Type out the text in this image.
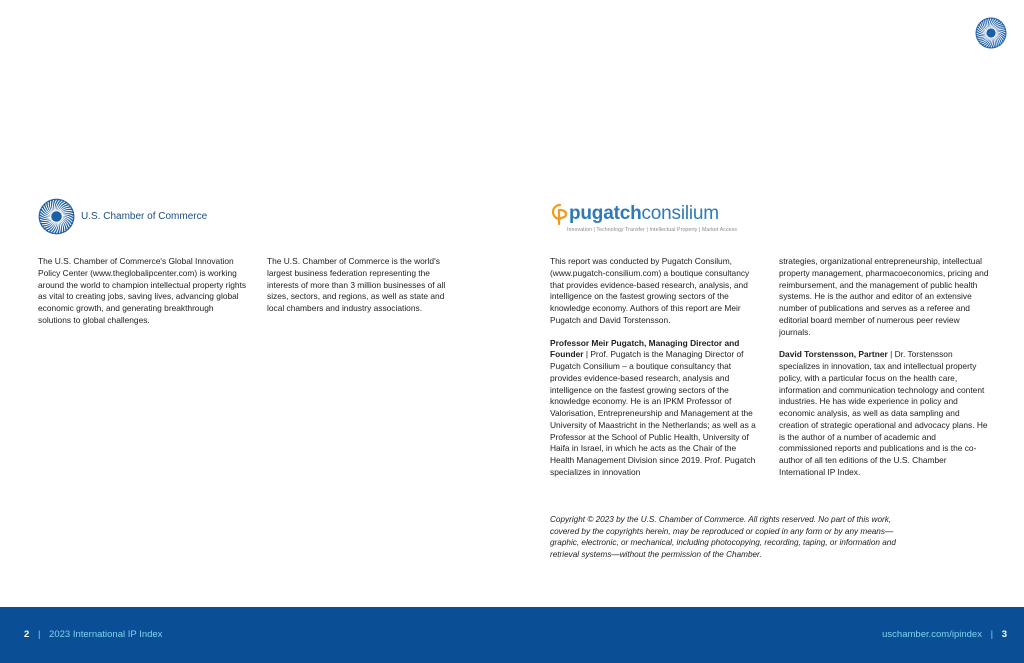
U.S. Chamber of Commerce

The U.S. Chamber of Commerce's Global Innovation Policy Center (www.theglobalipcenter.com) is working around the world to champion intellectual property rights as vital to creating jobs, saving lives, advancing global economic growth, and generating breakthrough solutions to global challenges.

The U.S. Chamber of Commerce is the world's largest business federation representing the interests of more than 3 million businesses of all sizes, sectors, and regions, as well as state and local chambers and industry associations.

pugatchconsilium
Innovation | Technology Transfer | Intellectual Property | Market Access

This report was conducted by Pugatch Consilum, (www.pugatch-consilium.com) a boutique consultancy that provides evidence-based research, analysis, and intelligence on the fastest growing sectors of the knowledge economy. Authors of this report are Meir Pugatch and David Torstensson.

Professor Meir Pugatch, Managing Director and Founder | Prof. Pugatch is the Managing Director of Pugatch Consilium – a boutique consultancy that provides evidence-based research, analysis and intelligence on the fastest growing sectors of the knowledge economy. He is an IPKM Professor of Valorisation, Entrepreneurship and Management at the University of Maastricht in the Netherlands; as well as a Professor at the School of Public Health, University of Haifa in Israel, in which he acts as the Chair of the Health Management Division since 2019. Prof. Pugatch specializes in innovation

strategies, organizational entrepreneurship, intellectual property management, pharmacoeconomics, pricing and reimbursement, and the management of public health systems. He is the author and editor of an extensive number of publications and serves as a referee and editorial board member of numerous peer review journals.

David Torstensson, Partner | Dr. Torstensson specializes in innovation, tax and intellectual property policy, with a particular focus on the health care, information and communication technology and content industries. He has wide experience in policy and economic analysis, as well as data sampling and creation of strategic operational and advocacy plans. He is the author of a number of academic and commissioned reports and publications and is the co-author of all ten editions of the U.S. Chamber International IP Index.

Copyright © 2023 by the U.S. Chamber of Commerce. All rights reserved. No part of this work, covered by the copyrights herein, may be reproduced or copied in any form or by any means—graphic, electronic, or mechanical, including photocopying, recording, taping, or information and retrieval systems—without the permission of the Chamber.
2 | 2023 International IP Index	uschamber.com/ipindex | 3
